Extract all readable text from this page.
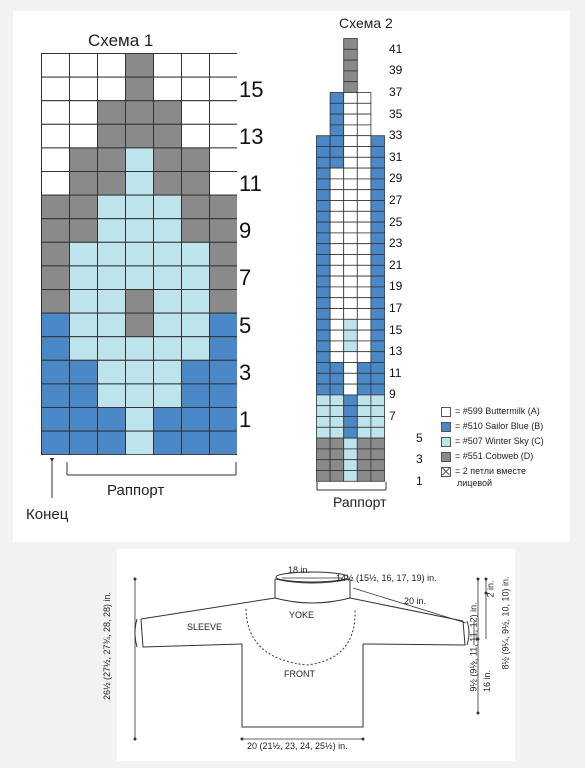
Схема 1
15
13
11
9
7
5
3
1
Раппорт
Конец
Схема 2
41
39
37
35
33
31
29
27
25
23
21
19
17
15
13
11
9
7
5
3
1
Раппорт
= #599 Buttermilk (A)
= #510 Sailor Blue (B)
= #507 Winter Sky (C)
= #551 Cobweb (D)
= 2 петли вместе
лицевой
18 in.
14½ (15½, 16, 17, 19) in.
20 in.
YOKE
SLEEVE
FRONT
20 (21½, 23, 24, 25½) in.
26½ (27½, 27¾, 28, 28) in.
2 in. 8½ (9¼, 9½, 10, 10) in.
9½ (9½, 11, 11, 12) in. 16 in.
